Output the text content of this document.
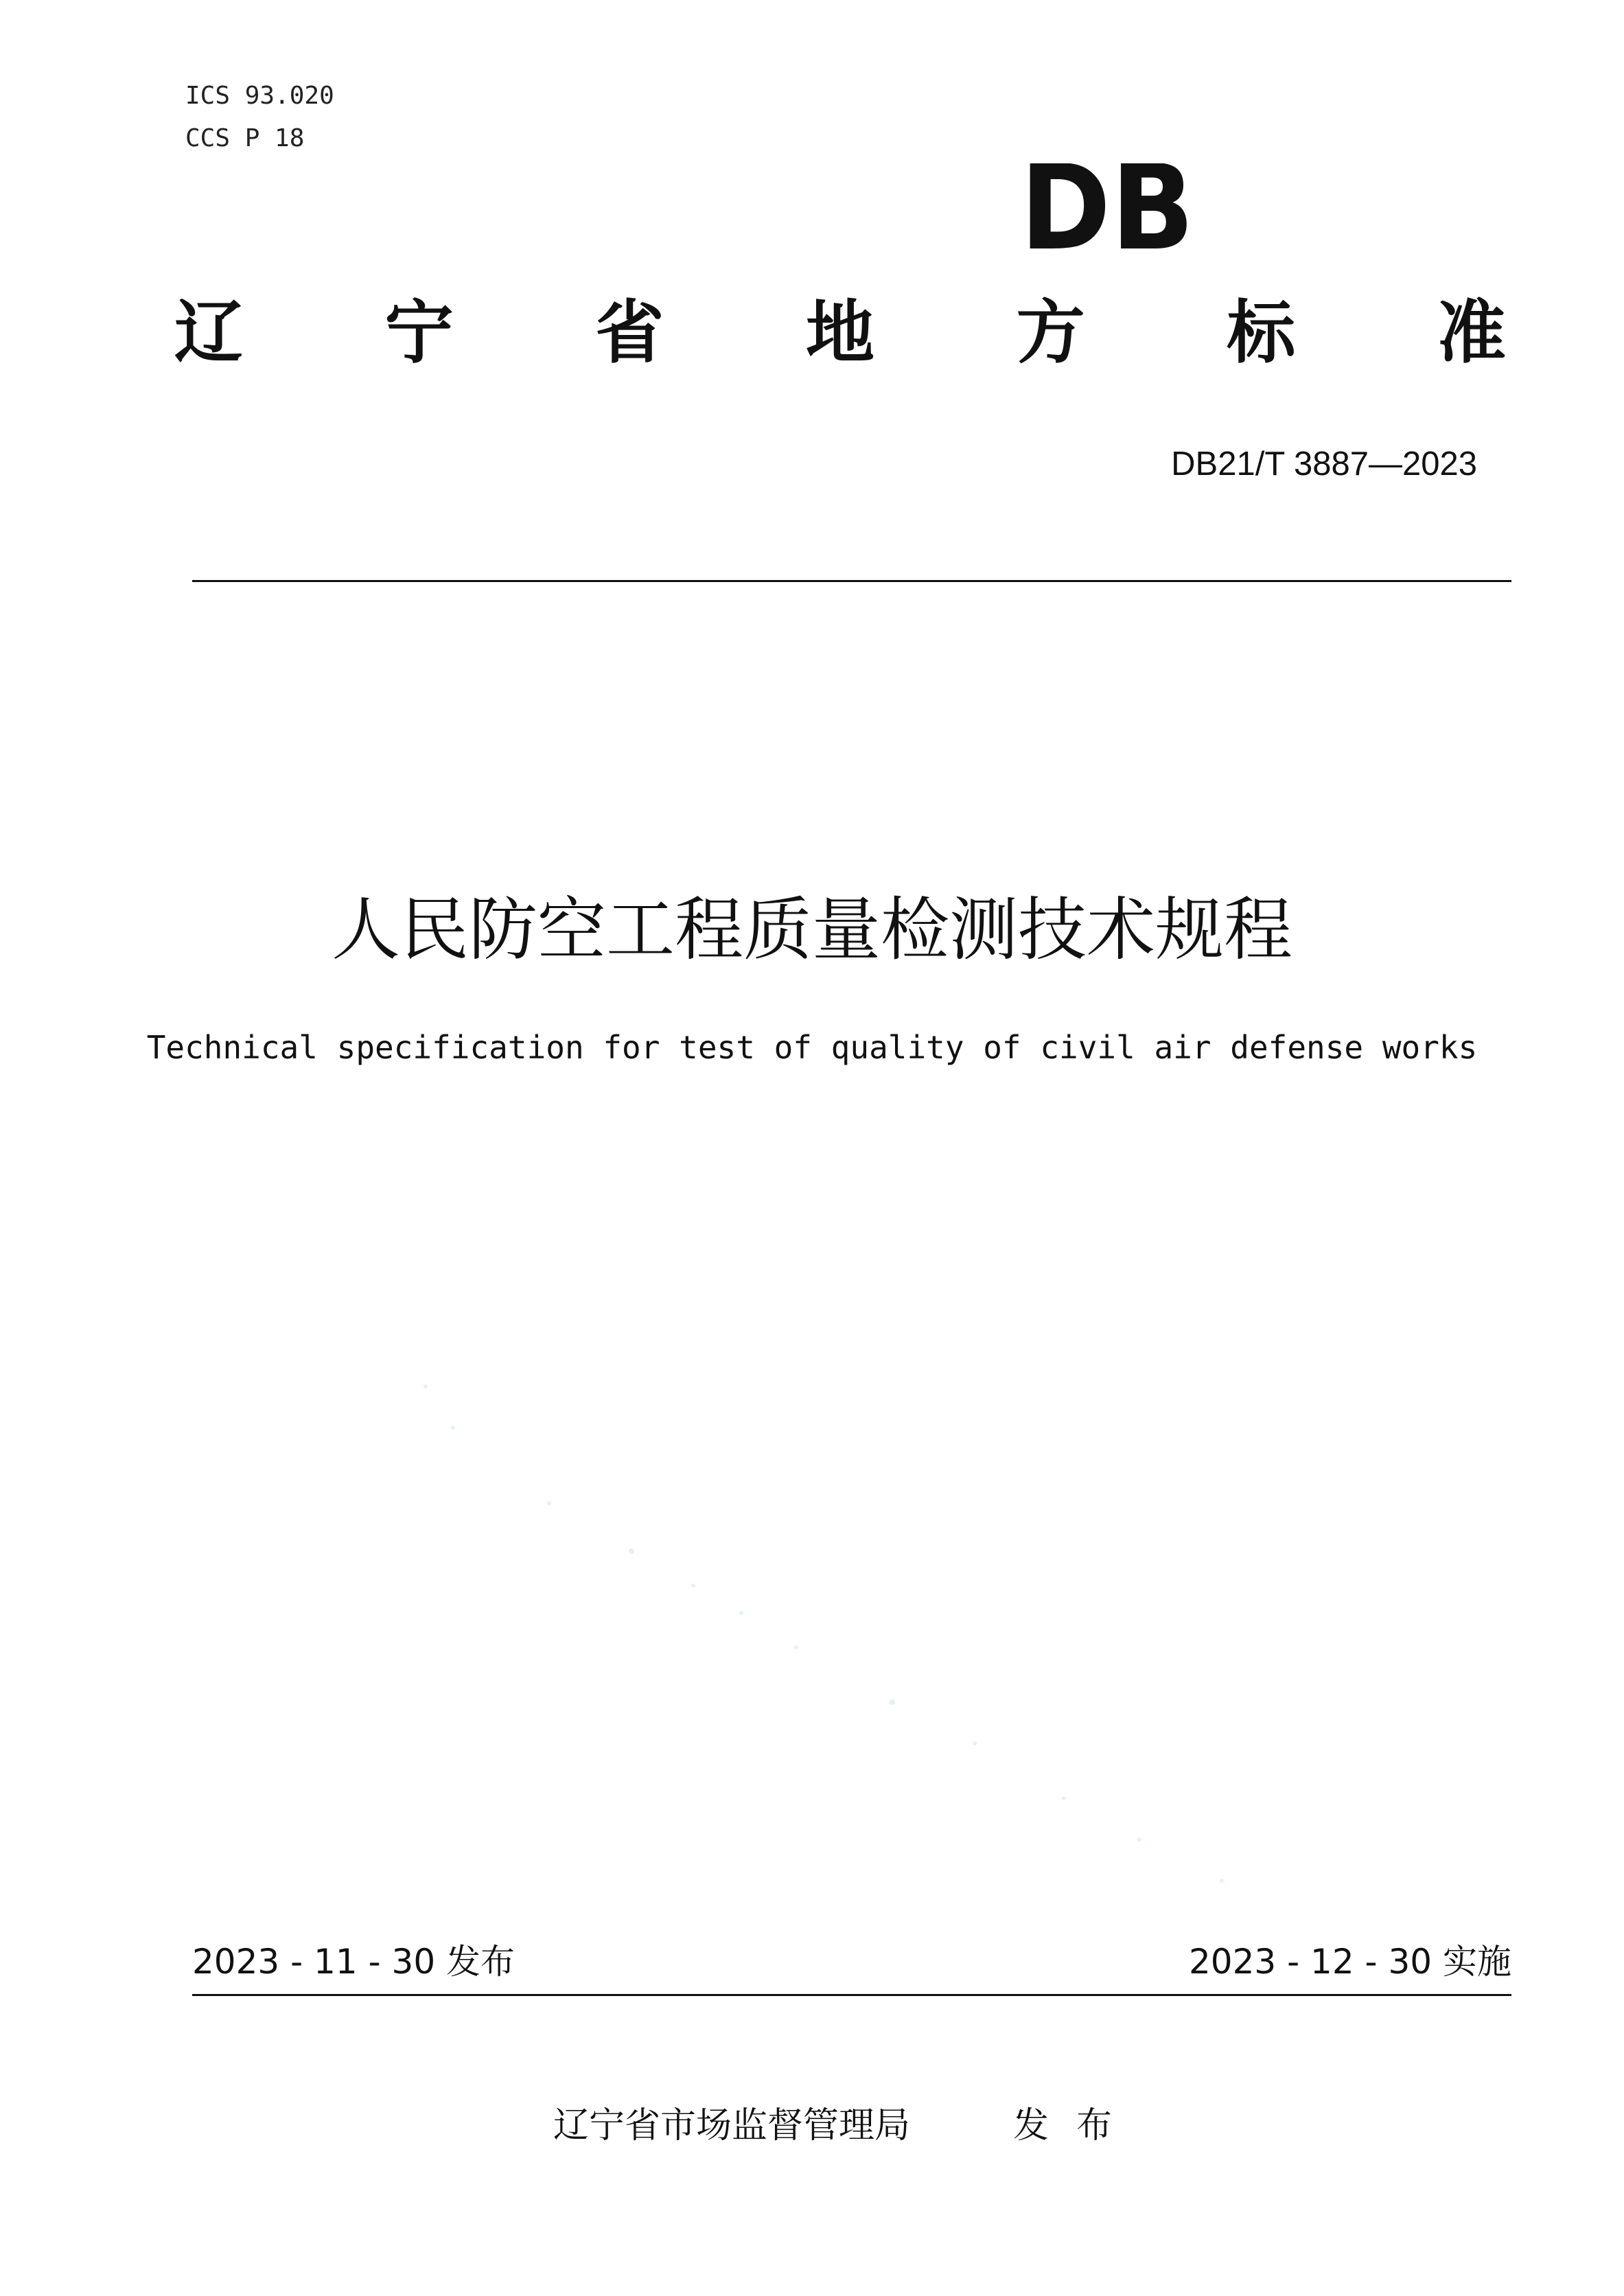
ICS 93.020
CCS P 18
DB
辽 宁 省 地 方 标 准
DB21/T 3887—2023
人民防空工程质量检测技术规程
Technical specification for test of quality of civil air defense works
2023 - 11 - 30 发布	2023 - 12 - 30 实施
辽宁省市场监督管理局	发布
